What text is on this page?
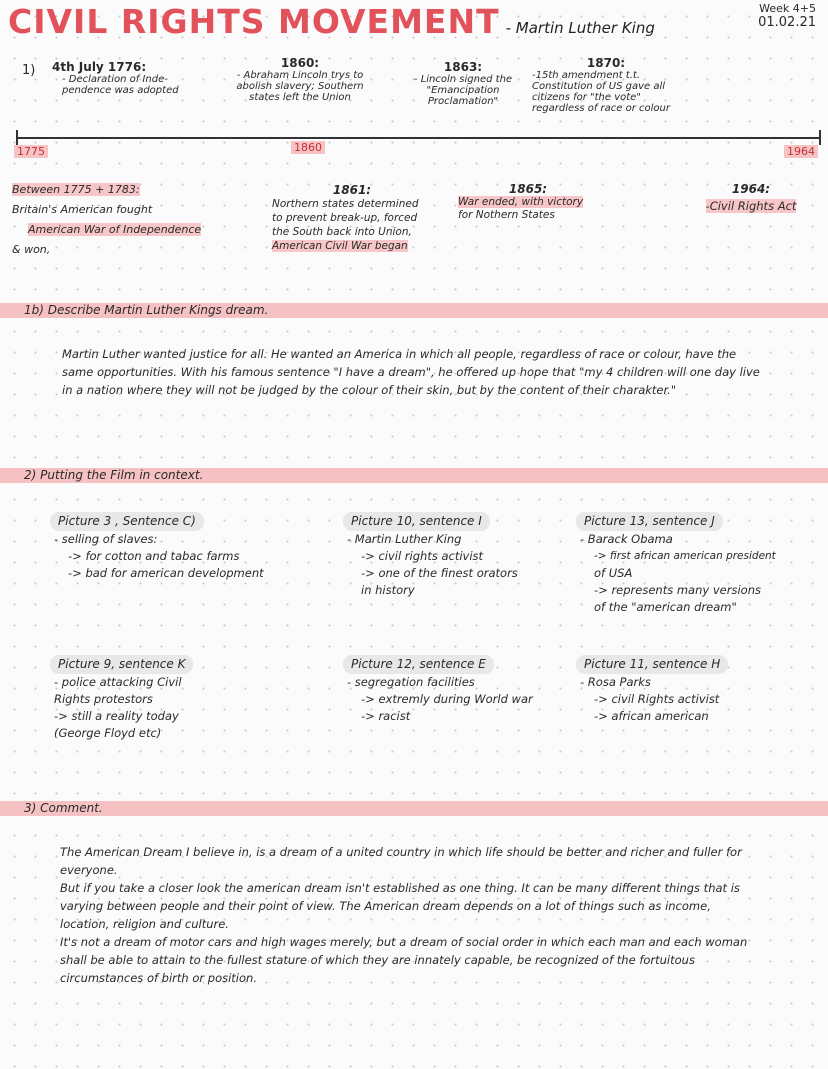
CIVIL RIGHTS MOVEMENT - Martin Luther King
Week 4+5
01.02.21
1) 4th July 1776:
- Declaration of Inde-pendence was adopted
1860:
- Abraham Lincoln trys to abolish slavery; Southern states left the Union
1863:
- Lincoln signed the "Emancipation Proclamation"
1870:
-15th amendment t.t. Constitution of US gave all citizens for "the vote" regardless of race or colour
1775	1860	1964
Between 1775 + 1783:
Britain's American fought
American War of Independence
& won,
1861:
Northern states determined
to prevent break-up, forced
the South back into Union,
American Civil War began
1865:
War ended, with victory
for Nothern States
1964:
-Civil Rights Act
1b) Describe Martin Luther Kings dream.
Martin Luther wanted justice for all. He wanted an America in which all people, regardless of race or colour, have the same opportunities. With his famous sentence "I have a dream", he offered up hope that "my 4 children will one day live in a nation where they will not be judged by the colour of their skin, but by the content of their charakter."
2) Putting the Film in context.
Picture 3 , Sentence C)
- selling of slaves:
-> for cotton and tabac farms
-> bad for american development
Picture 10, sentence I
- Martin Luther King
-> civil rights activist
-> one of the finest orators
in history
Picture 13, sentence J
- Barack Obama
-> first african american president
of USA
-> represents many versions
of the "american dream"
Picture 9, sentence K
- police attacking Civil
Rights protestors
-> still a reality today
(George Floyd etc)
Picture 12, sentence E
- segregation facilities
-> extremly during World war
-> racist
Picture 11, sentence H
- Rosa Parks
-> civil Rights activist
-> african american
3) Comment.
The American Dream I believe in, is a dream of a united country in which life should be better and richer and fuller for everyone.
But if you take a closer look the american dream isn't established as one thing. It can be many different things that is varying between people and their point of view. The American dream depends on a lot of things such as income, location, religion and culture.
It's not a dream of motor cars and high wages merely, but a dream of social order in which each man and each woman shall be able to attain to the fullest stature of which they are innately capable, be recognized of the fortuitous circumstances of birth or position.
